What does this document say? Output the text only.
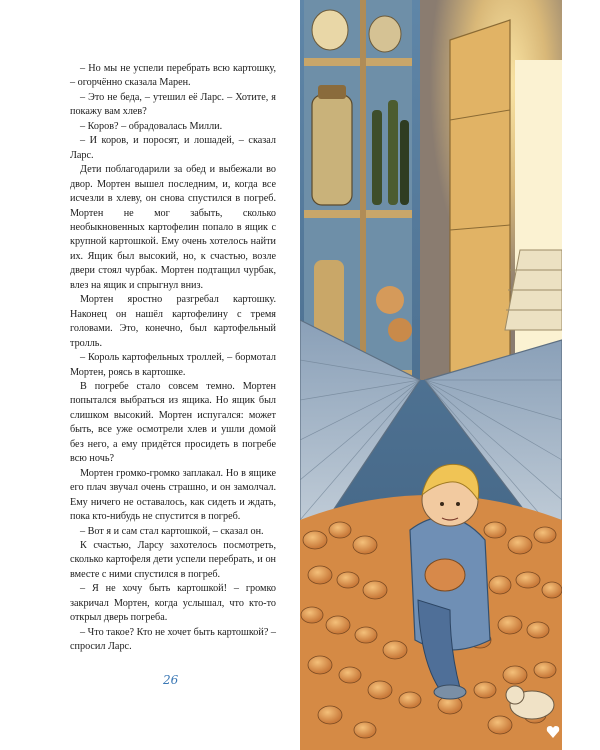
– Но мы не успели перебрать всю картошку, – огорчённо сказала Марен.

– Это не беда, – утешил её Ларс. – Хотите, я покажу вам хлев?

– Коров? – обрадовалась Милли.

– И коров, и поросят, и лошадей, – сказал Ларс.

Дети поблагодарили за обед и выбежали во двор. Мортен вышел последним, и, когда все исчезли в хлеву, он снова спустился в погреб. Мортен не мог забыть, сколько необыкновенных картофелин попало в ящик с крупной картошкой. Ему очень хотелось найти их. Ящик был высокий, но, к счастью, возле двери стоял чурбак. Мортен подтащил чурбак, влез на ящик и спрыгнул вниз.

Мортен яростно разгребал картошку. Наконец он нашёл картофелину с тремя головами. Это, конечно, был картофельный тролль.

– Король картофельных троллей, – бормотал Мортен, роясь в картошке.

В погребе стало совсем темно. Мортен попытался выбраться из ящика. Но ящик был слишком высокий. Мортен испугался: может быть, все уже осмотрели хлев и ушли домой без него, а ему придётся просидеть в погребе всю ночь?

Мортен громко-громко заплакал. Но в ящике его плач звучал очень страшно, и он замолчал. Ему ничего не оставалось, как сидеть и ждать, пока кто-нибудь не спустится в погреб.

– Вот я и сам стал картошкой, – сказал он.

К счастью, Ларсу захотелось посмотреть, сколько картофеля дети успели перебрать, и он вместе с ними спустился в погреб.

– Я не хочу быть картошкой! – громко закричал Мортен, когда услышал, что кто-то открыл дверь погреба.

– Что такое? Кто не хочет быть картошкой? – спросил Ларс.

26
